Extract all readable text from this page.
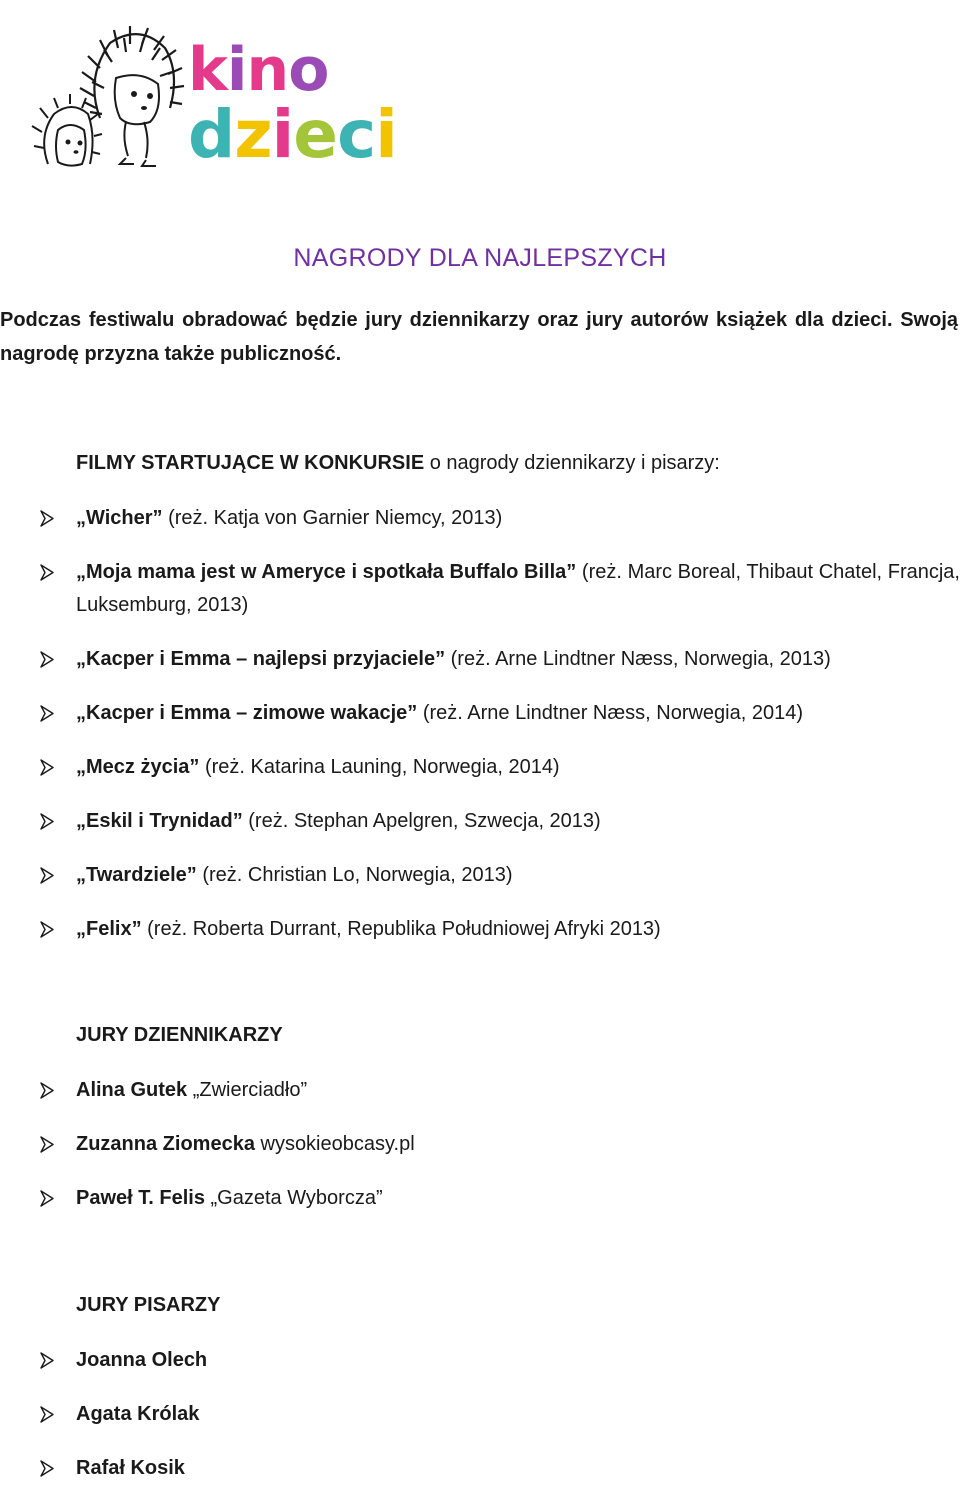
kino
dzieci
NAGRODY DLA NAJLEPSZYCH
Podczas festiwalu obradować będzie jury dziennikarzy oraz jury autorów książek dla dzieci. Swoją nagrodę przyzna także publiczność.
FILMY STARTUJĄCE W KONKURSIE o nagrody dziennikarzy i pisarzy:
„Wicher” (reż. Katja von Garnier Niemcy, 2013)
„Moja mama jest w Ameryce i spotkała Buffalo Billa” (reż. Marc Boreal, Thibaut Chatel, Francja, Luksemburg, 2013)
„Kacper i Emma – najlepsi przyjaciele” (reż. Arne Lindtner Næss, Norwegia, 2013)
„Kacper i Emma – zimowe wakacje” (reż. Arne Lindtner Næss, Norwegia, 2014)
„Mecz życia” (reż. Katarina Launing, Norwegia, 2014)
„Eskil i Trynidad” (reż. Stephan Apelgren, Szwecja, 2013)
„Twardziele” (reż. Christian Lo, Norwegia, 2013)
„Felix” (reż. Roberta Durrant, Republika Południowej Afryki 2013)
JURY DZIENNIKARZY
Alina Gutek „Zwierciadło”
Zuzanna Ziomecka wysokieobcasy.pl
Paweł T. Felis „Gazeta Wyborcza”
JURY PISARZY
Joanna Olech
Agata Królak
Rafał Kosik
